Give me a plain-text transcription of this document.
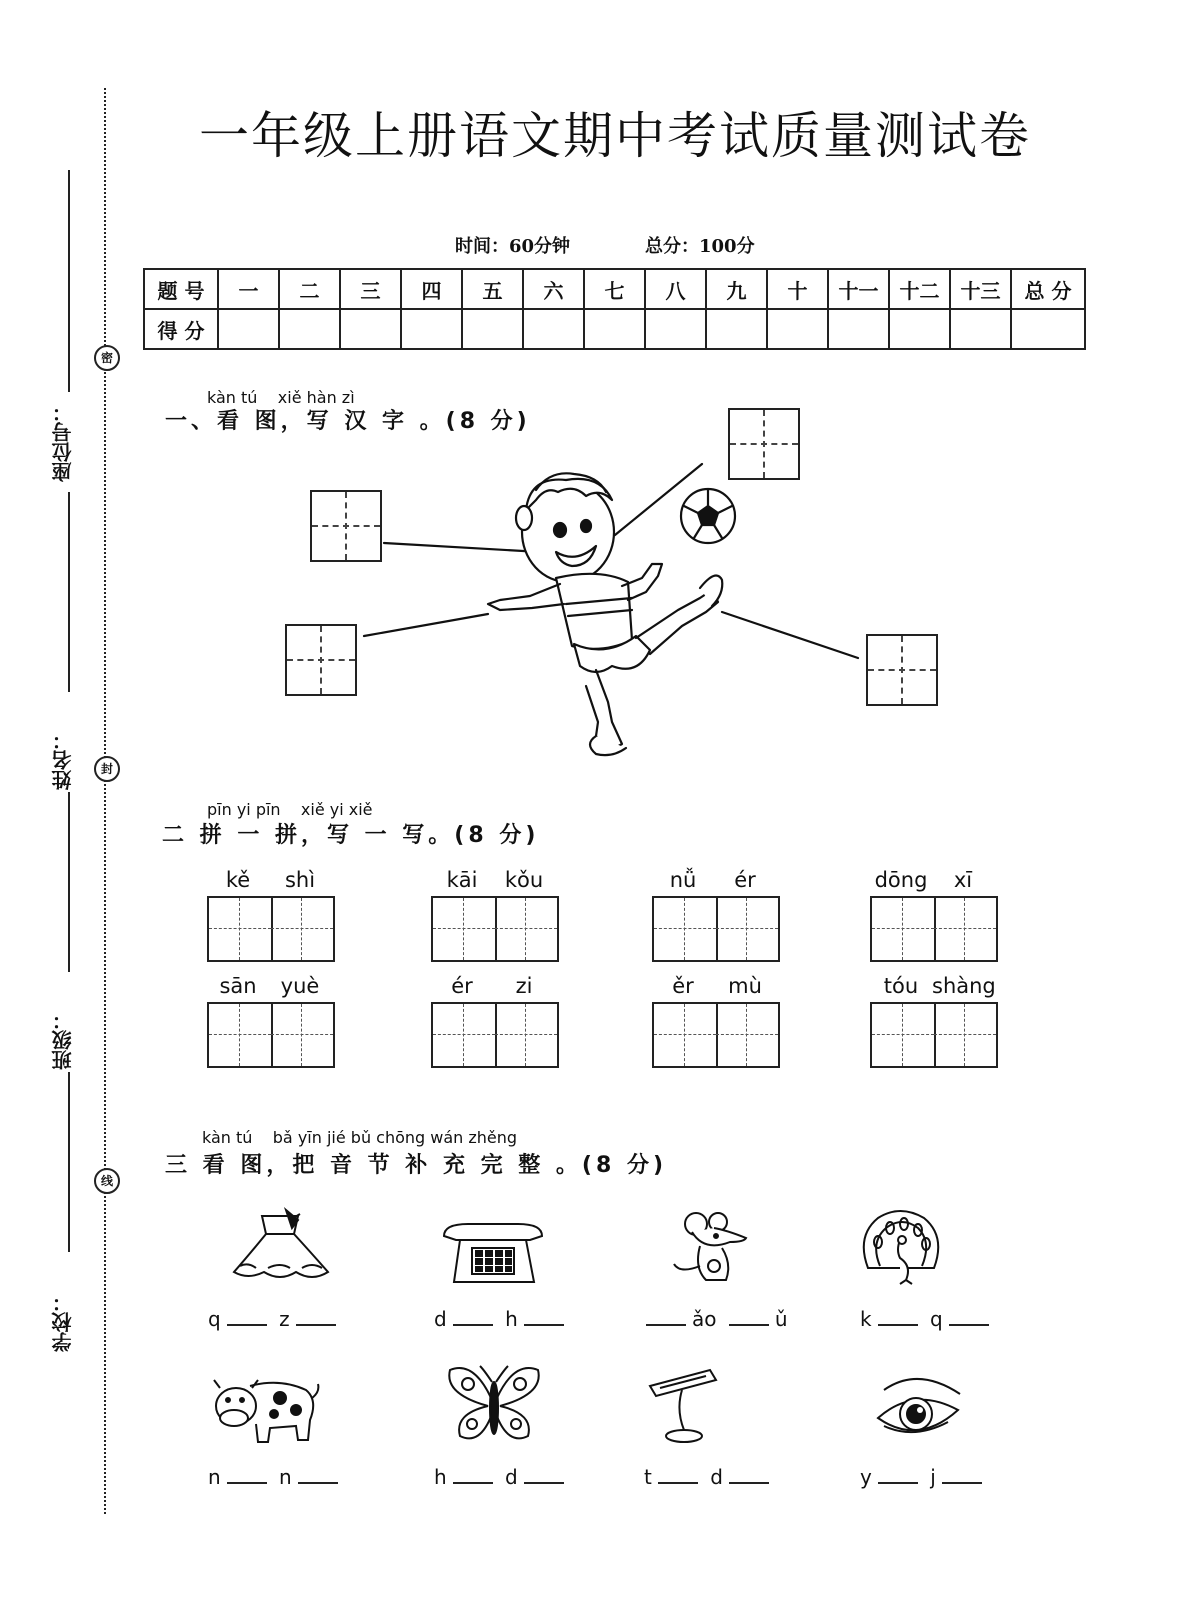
密
封
线
座位号：
姓名：
班级：
学校：
一年级上册语文期中考试质量测试卷
时间：60分钟	总分：100分
题 号	一	二	三	四	五	六	七	八	九	十	十一	十二	十三	总 分
得 分														
kàn tú    xiě hàn zì
一、看 图，写 汉 字 。(8 分)
pīn yi pīn    xiě yi xiě
二 拼 一 拼，写 一 写。(8 分)
kě	shì	kāi	kǒu	nǚ	ér	dōng	xī
sān	yuè	ér	zi	ěr	mù	tóu shàng
kàn tú    bǎ yīn jié bǔ chōng wán zhěng
三 看 图，把 音 节 补 充 完 整 。(8 分)
q	z	d	h	ǎo	ǔ	k	q
n	n	h	d	t	d	y	j
